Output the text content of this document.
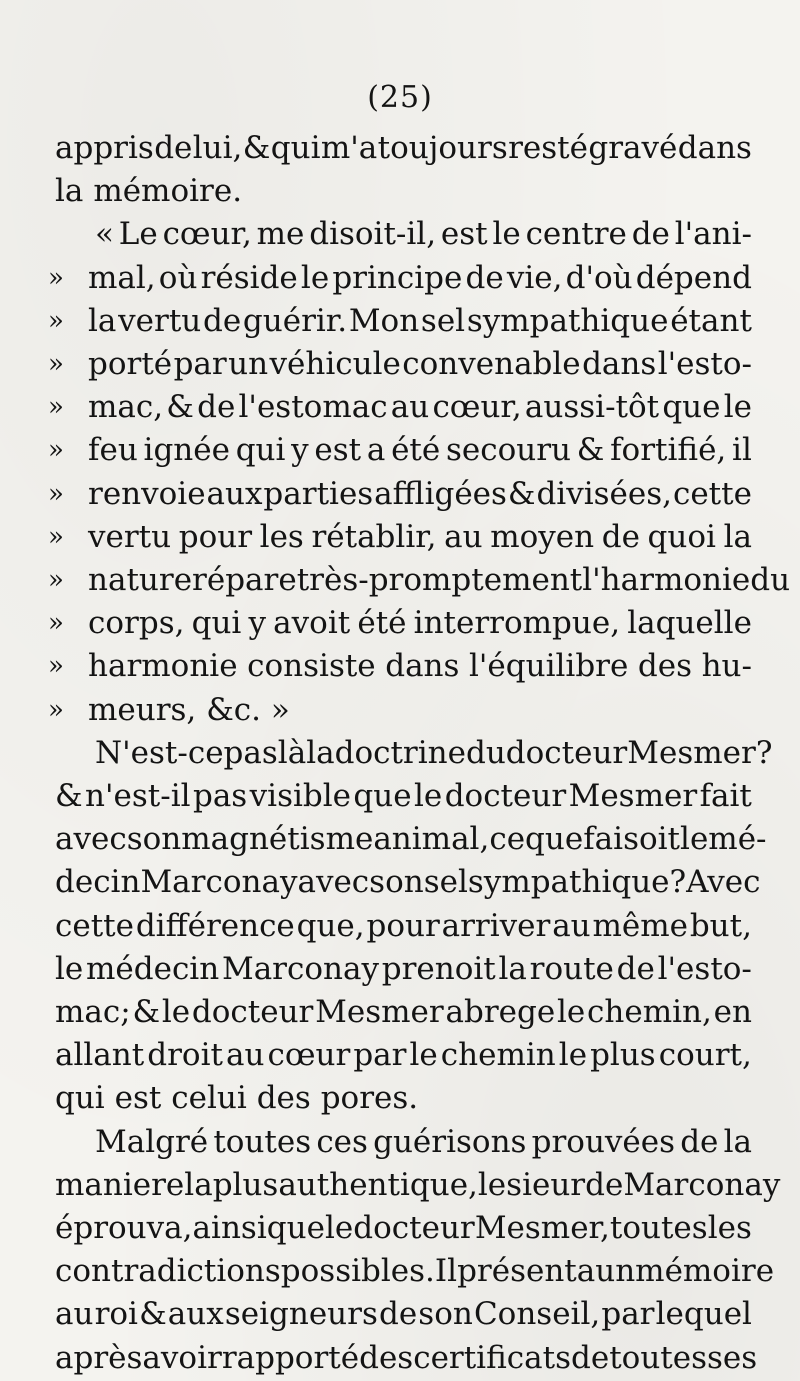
(25)
appris de lui, & qui m'a toujours resté gravé dans
la mémoire.
« Le cœur, me disoit-il, est le centre de l'ani-
» mal, où réside le principe de vie, d'où dépend
» la vertu de guérir. Mon sel sympathique étant
» porté par un véhicule convenable dans l'esto-
» mac, & de l'estomac au cœur, aussi-tôt que le
» feu ignée qui y est a été secouru & fortifié, il
» renvoie aux parties affligées & divisées, cette
» vertu pour les rétablir, au moyen de quoi la
» nature répare très-promptement l'harmonie du
» corps, qui y avoit été interrompue, laquelle
» harmonie consiste dans l'équilibre des hu-
» meurs, &c. »
N'est-ce pas là la doctrine du docteur Mesmer?
& n'est-il pas visible que le docteur Mesmer fait
avec son magnétisme animal, ce que faisoit le mé-
decin Marconay avec son sel sympathique? Avec
cette différence que, pour arriver au même but,
le médecin Marconay prenoit la route de l'esto-
mac; & le docteur Mesmer abrege le chemin, en
allant droit au cœur par le chemin le plus court,
qui est celui des pores.
Malgré toutes ces guérisons prouvées de la
maniere la plus authentique, le sieur de Marconay
éprouva, ainsi que le docteur Mesmer, toutes les
contradictions possibles. Il présenta un mémoire
au roi & aux seigneurs de son Conseil, par lequel
après avoir rapporté des certificats de toutes ses
